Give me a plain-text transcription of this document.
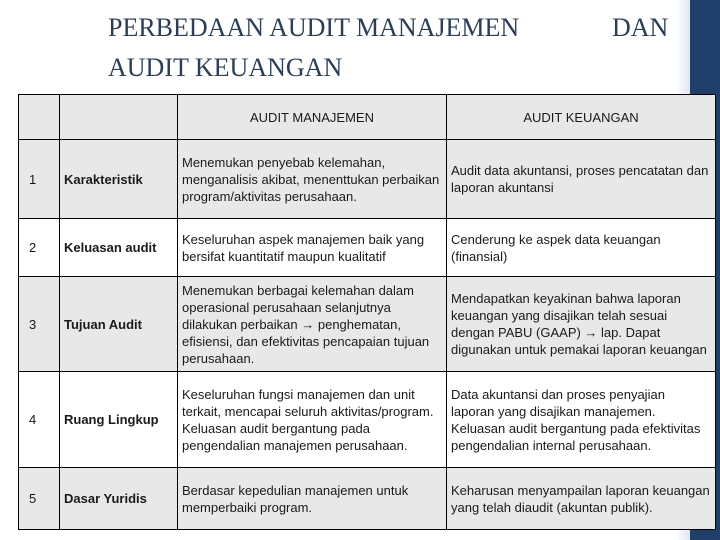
PERBEDAAN AUDIT MANAJEMEN	DAN
AUDIT KEUANGAN
		AUDIT MANAJEMEN	AUDIT KEUANGAN
1	Karakteristik	Menemukan penyebab kelemahan, menganalisis akibat, menenttukan perbaikan program/aktivitas perusahaan.	Audit data akuntansi, proses pencatatan dan laporan akuntansi
2	Keluasan audit	Keseluruhan aspek manajemen baik yang bersifat kuantitatif maupun kualitatif	Cenderung ke aspek data keuangan (finansial)
3	Tujuan Audit	Menemukan berbagai kelemahan dalam operasional perusahaan selanjutnya dilakukan perbaikan → penghematan, efisiensi, dan efektivitas pencapaian tujuan perusahaan.	Mendapatkan keyakinan bahwa laporan keuangan yang disajikan telah sesuai dengan PABU (GAAP) → lap. Dapat digunakan untuk pemakai laporan keuangan
4	Ruang Lingkup	Keseluruhan fungsi manajemen dan unit terkait, mencapai seluruh aktivitas/program. Keluasan audit bergantung pada pengendalian manajemen perusahaan.	Data akuntansi dan proses penyajian laporan yang disajikan manajemen. Keluasan audit bergantung pada efektivitas pengendalian internal perusahaan.
5	Dasar Yuridis	Berdasar kepedulian manajemen untuk memperbaiki program.	Keharusan menyampailan laporan keuangan yang telah diaudit (akuntan publik).
